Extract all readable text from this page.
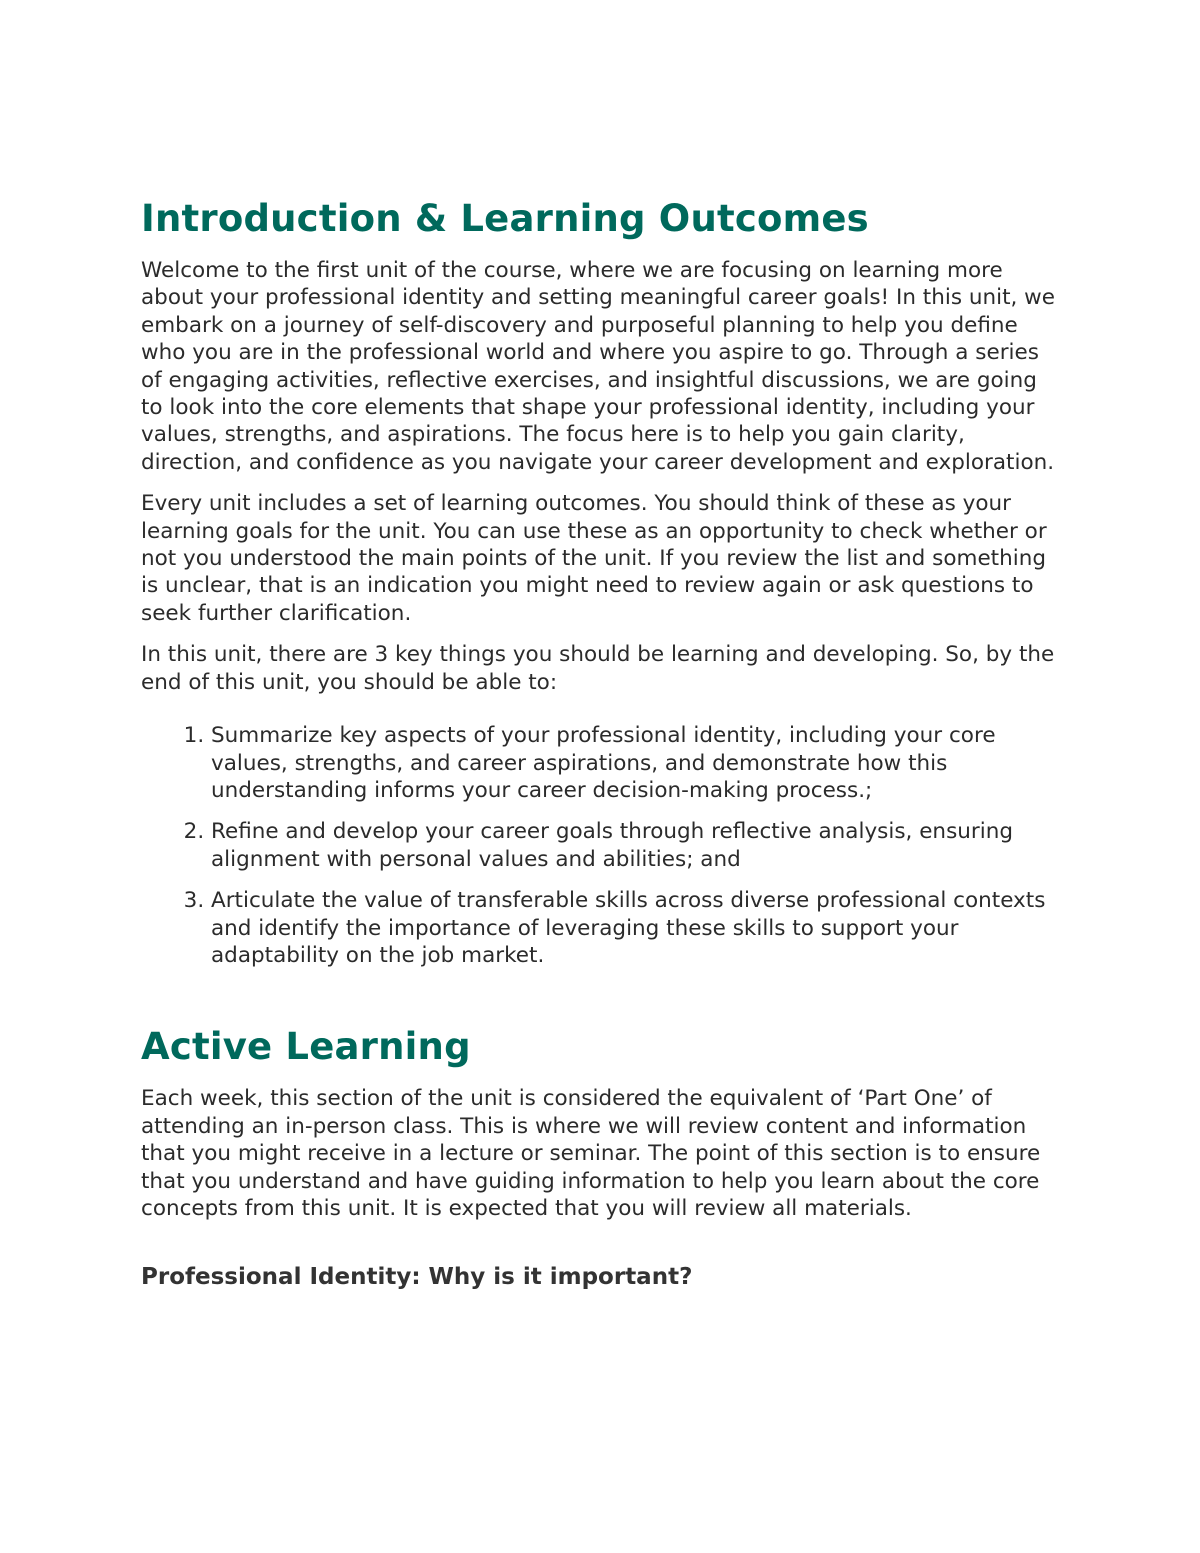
Introduction & Learning Outcomes

Welcome to the first unit of the course, where we are focusing on learning more about your professional identity and setting meaningful career goals! In this unit, we embark on a journey of self-discovery and purposeful planning to help you define who you are in the professional world and where you aspire to go. Through a series of engaging activities, reflective exercises, and insightful discussions, we are going to look into the core elements that shape your professional identity, including your values, strengths, and aspirations. The focus here is to help you gain clarity, direction, and confidence as you navigate your career development and exploration.

Every unit includes a set of learning outcomes. You should think of these as your learning goals for the unit. You can use these as an opportunity to check whether or not you understood the main points of the unit. If you review the list and something is unclear, that is an indication you might need to review again or ask questions to seek further clarification.

In this unit, there are 3 key things you should be learning and developing. So, by the end of this unit, you should be able to:

1. Summarize key aspects of your professional identity, including your core values, strengths, and career aspirations, and demonstrate how this understanding informs your career decision-making process.;
2. Refine and develop your career goals through reflective analysis, ensuring alignment with personal values and abilities; and
3. Articulate the value of transferable skills across diverse professional contexts and identify the importance of leveraging these skills to support your adaptability on the job market.
Active Learning

Each week, this section of the unit is considered the equivalent of ‘Part One’ of attending an in-person class. This is where we will review content and information that you might receive in a lecture or seminar. The point of this section is to ensure that you understand and have guiding information to help you learn about the core concepts from this unit. It is expected that you will review all materials.

Professional Identity: Why is it important?
